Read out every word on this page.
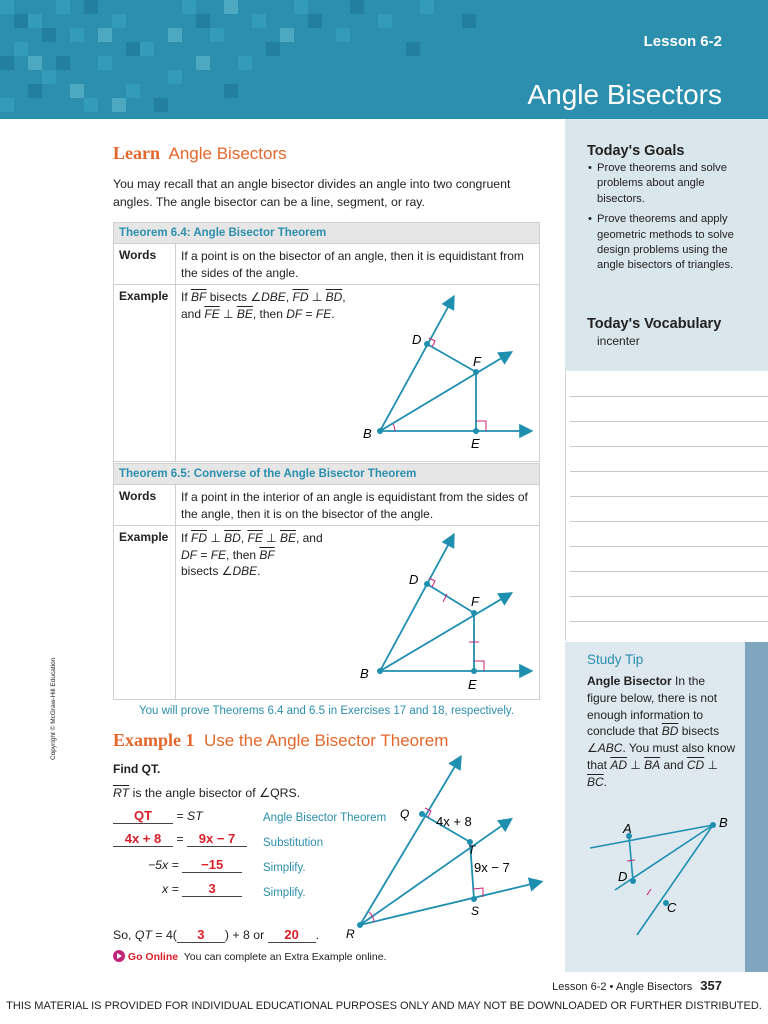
Lesson 6-2
Angle Bisectors
Today's Goals
• Prove theorems and solve problems about angle bisectors.
• Prove theorems and apply geometric methods to solve design problems using the angle bisectors of triangles.
Today's Vocabulary
incenter
Study Tip
Angle Bisector In the figure below, there is not enough information to conclude that $\overline{BD}$ bisects ∠ABC. You must also know that $\overline{AD}$ ⊥ $\overline{BA}$ and $\overline{CD}$ ⊥ $\overline{BC}$.
A	B
C
D
Learn Angle Bisectors
You may recall that an angle bisector divides an angle into two congruent angles. The angle bisector can be a line, segment, or ray.
Theorem 6.4: Angle Bisector Theorem
Words	If a point is on the bisector of an angle, then it is equidistant from the sides of the angle.
Example	If $\overline{BF}$ bisects ∠DBE, $\overline{FD}$ ⊥ $\overline{BD}$,
and $\overline{FE}$ ⊥ $\overline{BE}$, then DF = FE.
B
D
E
F
Theorem 6.5: Converse of the Angle Bisector Theorem
Words	If a point in the interior of an angle is equidistant from the sides of the angle, then it is on the bisector of the angle.
Example	If $\overline{FD}$ ⊥ $\overline{BD}$, $\overline{FE}$ ⊥ $\overline{BE}$, and
DF = FE, then $\overline{BF}$
bisects ∠DBE.
B
D
E
F
You will prove Theorems 6.4 and 6.5 in Exercises 17 and 18, respectively.
Example 1 Use the Angle Bisector Theorem
Find QT.
$\overline{RT}$ is the angle bisector of ∠QRS.
QT = ST	Angle Bisector Theorem
4x + 8 = 9x − 7	Substitution
−5x = −15	Simplify.
x = 3	Simplify.
So, QT = 4( 3 ) + 8 or 20 .
Q
T
S
R
4x + 8
9x − 7
Go Online You can complete an Extra Example online.
Copyright © McGraw-Hill Education
Lesson 6-2 • Angle Bisectors 357
THIS MATERIAL IS PROVIDED FOR INDIVIDUAL EDUCATIONAL PURPOSES ONLY AND MAY NOT BE DOWNLOADED OR FURTHER DISTRIBUTED.
